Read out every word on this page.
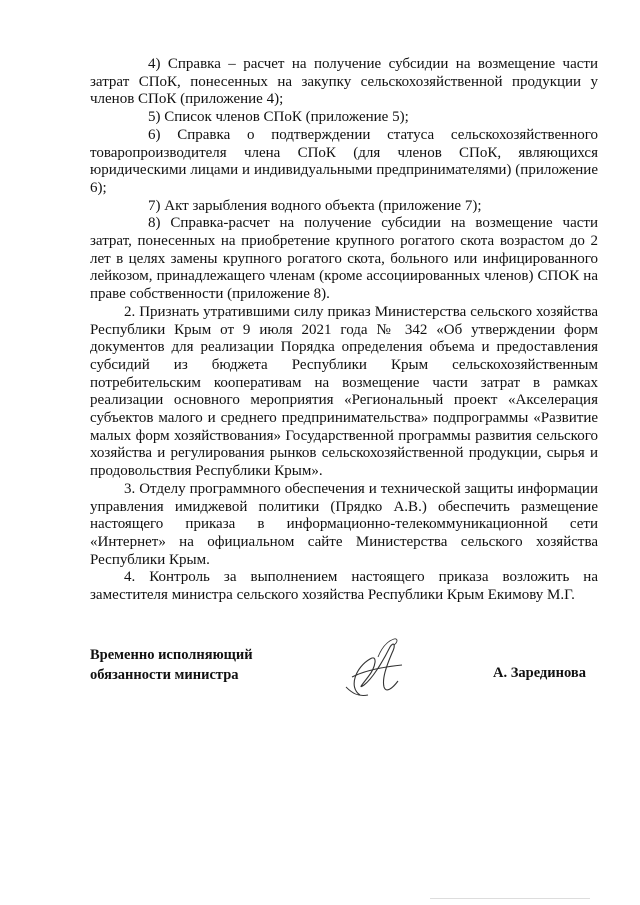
4) Справка – расчет на получение субсидии на возмещение части затрат СПоК, понесенных на закупку сельскохозяйственной продукции у членов СПоК (приложение 4);

5) Список членов СПоК (приложение 5);

6) Справка о подтверждении статуса сельскохозяйственного товаропроизводителя члена СПоК (для членов СПоК, являющихся юридическими лицами и индивидуальными предпринимателями) (приложение 6);

7) Акт зарыбления водного объекта (приложение 7);

8) Справка-расчет на получение субсидии на возмещение части затрат, понесенных на приобретение крупного рогатого скота возрастом до 2 лет в целях замены крупного рогатого скота, больного или инфицированного лейкозом, принадлежащего членам (кроме ассоциированных членов) СПОК на праве собственности (приложение 8).

2. Признать утратившими силу приказ Министерства сельского хозяйства Республики Крым от 9 июля 2021 года № 342 «Об утверждении форм документов для реализации Порядка определения объема и предоставления субсидий из бюджета Республики Крым сельскохозяйственным потребительским кооперативам на возмещение части затрат в рамках реализации основного мероприятия «Региональный проект «Акселерация субъектов малого и среднего предпринимательства» подпрограммы «Развитие малых форм хозяйствования» Государственной программы развития сельского хозяйства и регулирования рынков сельскохозяйственной продукции, сырья и продовольствия Республики Крым».

3. Отделу программного обеспечения и технической защиты информации управления имиджевой политики (Прядко А.В.) обеспечить размещение настоящего приказа в информационно-телекоммуникационной сети «Интернет» на официальном сайте Министерства сельского хозяйства Республики Крым.

4. Контроль за выполнением настоящего приказа возложить на заместителя министра сельского хозяйства Республики Крым Екимову М.Г.

Временно исполняющий
обязанности министра	А. Зарединова
